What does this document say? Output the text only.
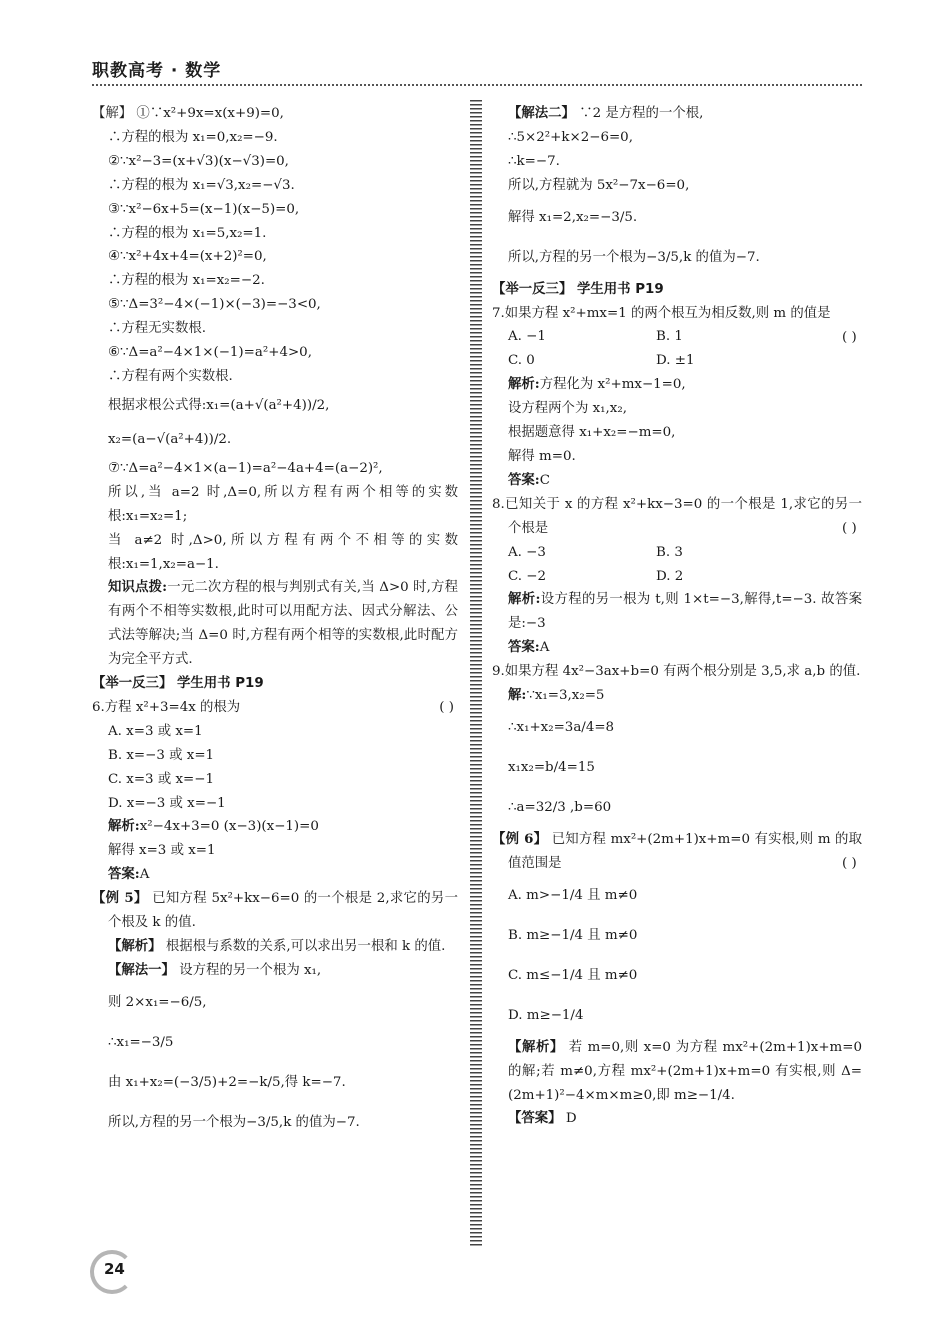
职教高考 · 数学
【解】 ①∵x²+9x=x(x+9)=0,
∴方程的根为 x₁=0,x₂=−9.
②∵x²−3=(x+√3)(x−√3)=0,
∴方程的根为 x₁=√3,x₂=−√3.
③∵x²−6x+5=(x−1)(x−5)=0,
∴方程的根为 x₁=5,x₂=1.
④∵x²+4x+4=(x+2)²=0,
∴方程的根为 x₁=x₂=−2.
⑤∵Δ=3²−4×(−1)×(−3)=−3<0,
∴方程无实数根.
⑥∵Δ=a²−4×1×(−1)=a²+4>0,
∴方程有两个实数根.
根据求根公式得:x₁=(a+√(a²+4))/2,
x₂=(a−√(a²+4))/2.
⑦∵Δ=a²−4×1×(a−1)=a²−4a+4=(a−2)²,
所以,当 a=2 时,Δ=0,所以方程有两个相等的实数根:x₁=x₂=1;
当 a≠2 时,Δ>0,所以方程有两个不相等的实数根:x₁=1,x₂=a−1.
知识点拨:一元二次方程的根与判别式有关,当 Δ>0 时,方程有两个不相等实数根,此时可以用配方法、因式分解法、公式法等解决;当 Δ=0 时,方程有两个相等的实数根,此时配方为完全平方式.
【举一反三】 学生用书 P19
6.方程 x²+3=4x 的根为	( )
A. x=3 或 x=1
B. x=−3 或 x=1
C. x=3 或 x=−1
D. x=−3 或 x=−1
解析:x²−4x+3=0 (x−3)(x−1)=0
解得 x=3 或 x=1
答案:A
【例 5】 已知方程 5x²+kx−6=0 的一个根是 2,求它的另一个根及 k 的值.
【解析】 根据根与系数的关系,可以求出另一根和 k 的值.
【解法一】 设方程的另一个根为 x₁,
则 2×x₁=−6/5,
∴x₁=−3/5
由 x₁+x₂=(−3/5)+2=−k/5,得 k=−7.
所以,方程的另一个根为−3/5,k 的值为−7.
【解法二】 ∵2 是方程的一个根,
∴5×2²+k×2−6=0,
∴k=−7.
所以,方程就为 5x²−7x−6=0,
解得 x₁=2,x₂=−3/5.
所以,方程的另一个根为−3/5,k 的值为−7.
【举一反三】 学生用书 P19
7.如果方程 x²+mx=1 的两个根互为相反数,则 m 的值是
( )
A. −1	B. 1
C. 0	D. ±1
解析:方程化为 x²+mx−1=0,
设方程两个为 x₁,x₂,
根据题意得 x₁+x₂=−m=0,
解得 m=0.
答案:C
8.已知关于 x 的方程 x²+kx−3=0 的一个根是 1,求它的另一个根是	( )
A. −3	B. 3
C. −2	D. 2
解析:设方程的另一根为 t,则 1×t=−3,解得,t=−3. 故答案是:−3
答案:A
9.如果方程 4x²−3ax+b=0 有两个根分别是 3,5,求 a,b 的值.
解:∵x₁=3,x₂=5
∴x₁+x₂=3a/4=8
x₁x₂=b/4=15
∴a=32/3 ,b=60
【例 6】 已知方程 mx²+(2m+1)x+m=0 有实根,则 m 的取值范围是	( )
A. m>−1/4 且 m≠0
B. m≥−1/4 且 m≠0
C. m≤−1/4 且 m≠0
D. m≥−1/4
【解析】 若 m=0,则 x=0 为方程 mx²+(2m+1)x+m=0 的解;若 m≠0,方程 mx²+(2m+1)x+m=0 有实根,则 Δ=(2m+1)²−4×m×m≥0,即 m≥−1/4.
【答案】 D
24
